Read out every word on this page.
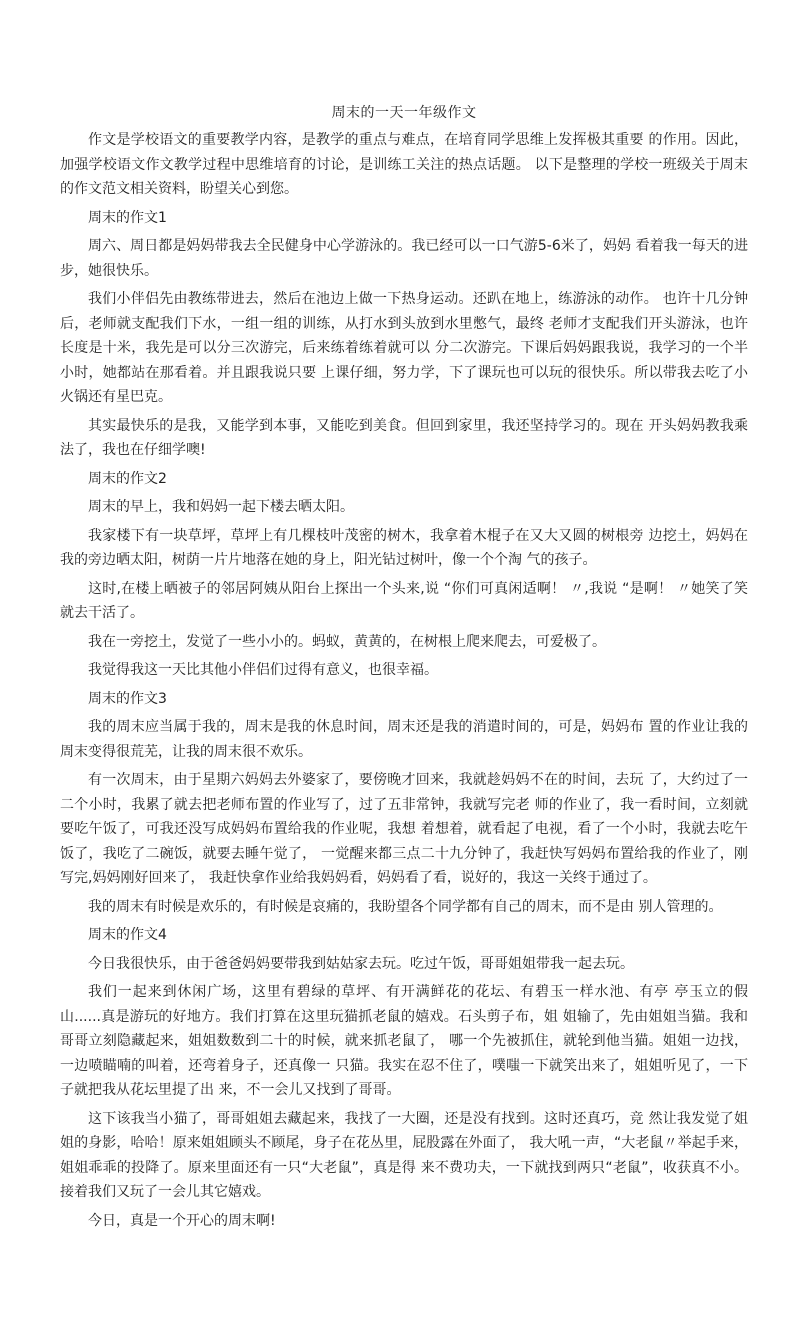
周末的一天一年级作文

作文是学校语文的重要教学内容，是教学的重点与难点，在培育同学思维上发挥极其重要 的作用。因此，加强学校语文作文教学过程中思维培育的讨论，是训练工关注的热点话题。 以下是整理的学校一班级关于周末的作文范文相关资料，盼望关心到您。

周末的作文1

周六、周日都是妈妈带我去全民健身中心学游泳的。我已经可以一口气游5-6米了，妈妈 看着我一每天的进步，她很快乐。

我们小伴侣先由教练带进去，然后在池边上做一下热身运动。还趴在地上，练游泳的动作。 也许十几分钟后，老师就支配我们下水，一组一组的训练，从打水到头放到水里憋气，最终 老师才支配我们开头游泳，也许长度是十米，我先是可以分三次游完，后来练着练着就可以 分二次游完。下课后妈妈跟我说，我学习的一个半小时，她都站在那看着。并且跟我说只要 上课仔细，努力学，下了课玩也可以玩的很快乐。所以带我去吃了小火锅还有星巴克。

其实最快乐的是我，又能学到本事，又能吃到美食。但回到家里，我还坚持学习的。现在 开头妈妈教我乘法了，我也在仔细学噢!

周末的作文2

周末的早上，我和妈妈一起下楼去晒太阳。

我家楼下有一块草坪，草坪上有几棵枝叶茂密的树木，我拿着木棍子在又大又圆的树根旁 边挖土，妈妈在我的旁边晒太阳，树荫一片片地落在她的身上，阳光钻过树叶，像一个个淘 气的孩子。

这时,在楼上晒被子的邻居阿姨从阳台上探出一个头来,说 “你们可真闲适啊！ 〃,我说 “是啊！ 〃她笑了笑就去干活了。

我在一旁挖土，发觉了一些小小的。蚂蚁，黄黄的，在树根上爬来爬去，可爱极了。

我觉得我这一天比其他小伴侣们过得有意义，也很幸福。

周末的作文3

我的周末应当属于我的，周末是我的休息时间，周末还是我的消遣时间的，可是，妈妈布 置的作业让我的周末变得很荒芜，让我的周末很不欢乐。

有一次周末，由于星期六妈妈去外婆家了，要傍晚才回来，我就趁妈妈不在的时间，去玩 了，大约过了一二个小时，我累了就去把老师布置的作业写了，过了五非常钟，我就写完老 师的作业了，我一看时间，立刻就要吃午饭了，可我还没写成妈妈布置给我的作业呢，我想 着想着，就看起了电视，看了一个小时，我就去吃午饭了，我吃了二碗饭，就要去睡午觉了， 一觉醒来都三点二十九分钟了，我赶快写妈妈布置给我的作业了，刚写完,妈妈刚好回来了， 我赶快拿作业给我妈妈看，妈妈看了看，说好的，我这一关终于通过了。

我的周末有时候是欢乐的，有时候是哀痛的，我盼望各个同学都有自己的周末，而不是由 别人管理的。

周末的作文4

今日我很快乐，由于爸爸妈妈要带我到姑姑家去玩。吃过午饭，哥哥姐姐带我一起去玩。

我们一起来到休闲广场，这里有碧绿的草坪、有开满鲜花的花坛、有碧玉一样水池、有亭 亭玉立的假山......真是游玩的好地方。我们打算在这里玩猫抓老鼠的嬉戏。石头剪子布，姐 姐输了，先由姐姐当猫。我和哥哥立刻隐藏起来，姐姐数数到二十的时候，就来抓老鼠了， 哪一个先被抓住，就轮到他当猫。姐姐一边找，一边喷瞄喃的叫着，还弯着身子，还真像一 只猫。我实在忍不住了，噗嗤一下就笑出来了，姐姐听见了，一下子就把我从花坛里提了出 来，不一会儿又找到了哥哥。

这下该我当小猫了，哥哥姐姐去藏起来，我找了一大圈，还是没有找到。这时还真巧，竞 然让我发觉了姐姐的身影，哈哈！原来姐姐顾头不顾尾，身子在花丛里，屁股露在外面了， 我大吼一声，“大老鼠〃举起手来，姐姐乖乖的投降了。原来里面还有一只“大老鼠”，真是得 来不费功夫，一下就找到两只“老鼠”，收获真不小。接着我们又玩了一会儿其它嬉戏。

今日，真是一个开心的周末啊!
